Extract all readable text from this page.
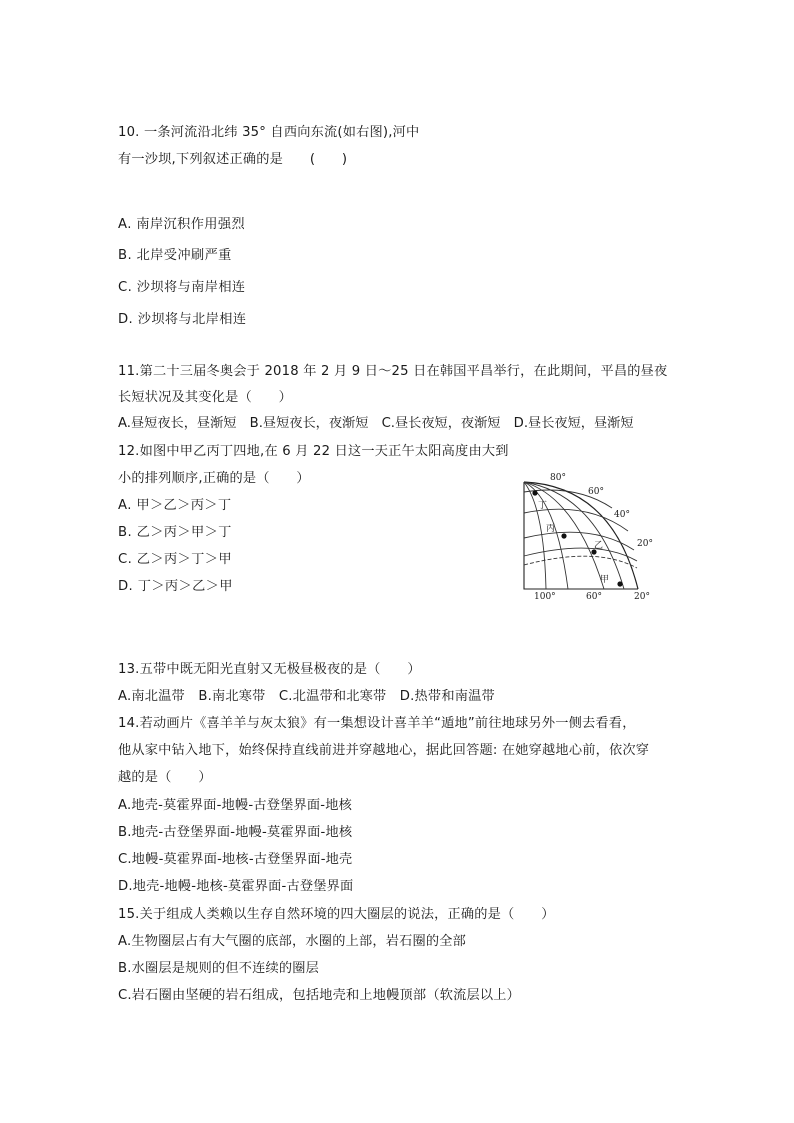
10. 一条河流沿北纬 35° 自西向东流(如右图),河中
有一沙坝,下列叙述正确的是　　(　　)
A. 南岸沉积作用强烈
B. 北岸受冲刷严重
C. 沙坝将与南岸相连
D. 沙坝将与北岸相连
11.第二十三届冬奥会于 2018 年 2 月 9 日～25 日在韩国平昌举行，在此期间，平昌的昼夜
长短状况及其变化是（　　）
A.昼短夜长，昼渐短　B.昼短夜长，夜渐短　C.昼长夜短，夜渐短　D.昼长夜短，昼渐短
12.如图中甲乙丙丁四地,在 6 月 22 日这一天正午太阳高度由大到
小的排列顺序,正确的是（　　）
A. 甲＞乙＞丙＞丁
B. 乙＞丙＞甲＞丁
C. 乙＞丙＞丁＞甲
D. 丁＞丙＞乙＞甲
丁
丙
乙
甲
80°
60°
40°
20°
100°	60°	20°
13.五带中既无阳光直射又无极昼极夜的是（　　）
A.南北温带　B.南北寒带　C.北温带和北寒带　D.热带和南温带
14.若动画片《喜羊羊与灰太狼》有一集想设计喜羊羊“遁地”前往地球另外一侧去看看，
他从家中钻入地下，始终保持直线前进并穿越地心，据此回答题: 在她穿越地心前，依次穿
越的是（　　）
A.地壳-莫霍界面-地幔-古登堡界面-地核
B.地壳-古登堡界面-地幔-莫霍界面-地核
C.地幔-莫霍界面-地核-古登堡界面-地壳
D.地壳-地幔-地核-莫霍界面-古登堡界面
15.关于组成人类赖以生存自然环境的四大圈层的说法，正确的是（　　）
A.生物圈层占有大气圈的底部，水圈的上部，岩石圈的全部
B.水圈层是规则的但不连续的圈层
C.岩石圈由坚硬的岩石组成，包括地壳和上地幔顶部（软流层以上）
